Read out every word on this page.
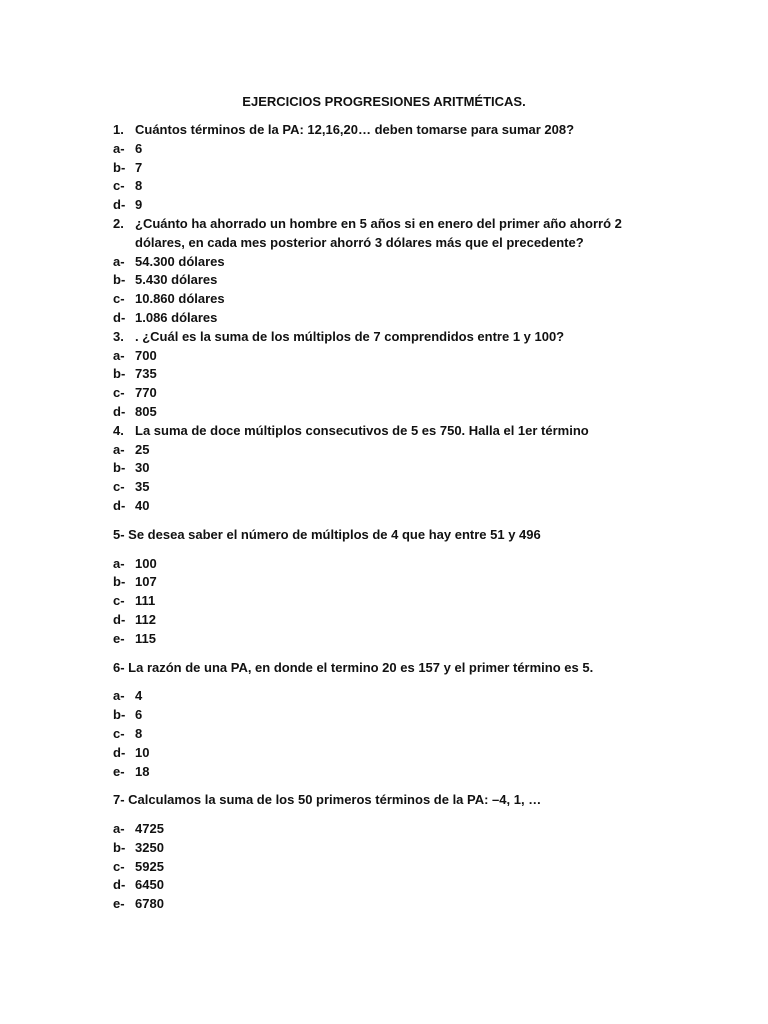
EJERCICIOS PROGRESIONES ARITMÉTICAS.
1. Cuántos términos de la PA: 12,16,20… deben tomarse para sumar 208?
a- 6
b- 7
c- 8
d- 9
2. ¿Cuánto ha ahorrado un hombre en 5 años si en enero del primer año ahorró 2 dólares, en cada mes posterior ahorró 3 dólares más que el precedente?
a- 54.300 dólares
b- 5.430 dólares
c- 10.860 dólares
d- 1.086 dólares
3. . ¿Cuál es la suma de los múltiplos de 7 comprendidos entre 1 y 100?
a- 700
b- 735
c- 770
d- 805
4. La suma de doce múltiplos consecutivos de 5 es 750. Halla el 1er término
a- 25
b- 30
c- 35
d- 40
5- Se desea saber el número de múltiplos de 4 que hay entre 51 y 496
a- 100
b- 107
c- 111
d- 112
e- 115
6- La razón de una PA, en donde el termino 20 es 157 y el primer término es 5.
a- 4
b- 6
c- 8
d- 10
e- 18
7- Calculamos la suma de los 50 primeros términos de la PA: –4, 1, …
a- 4725
b- 3250
c- 5925
d- 6450
e- 6780
